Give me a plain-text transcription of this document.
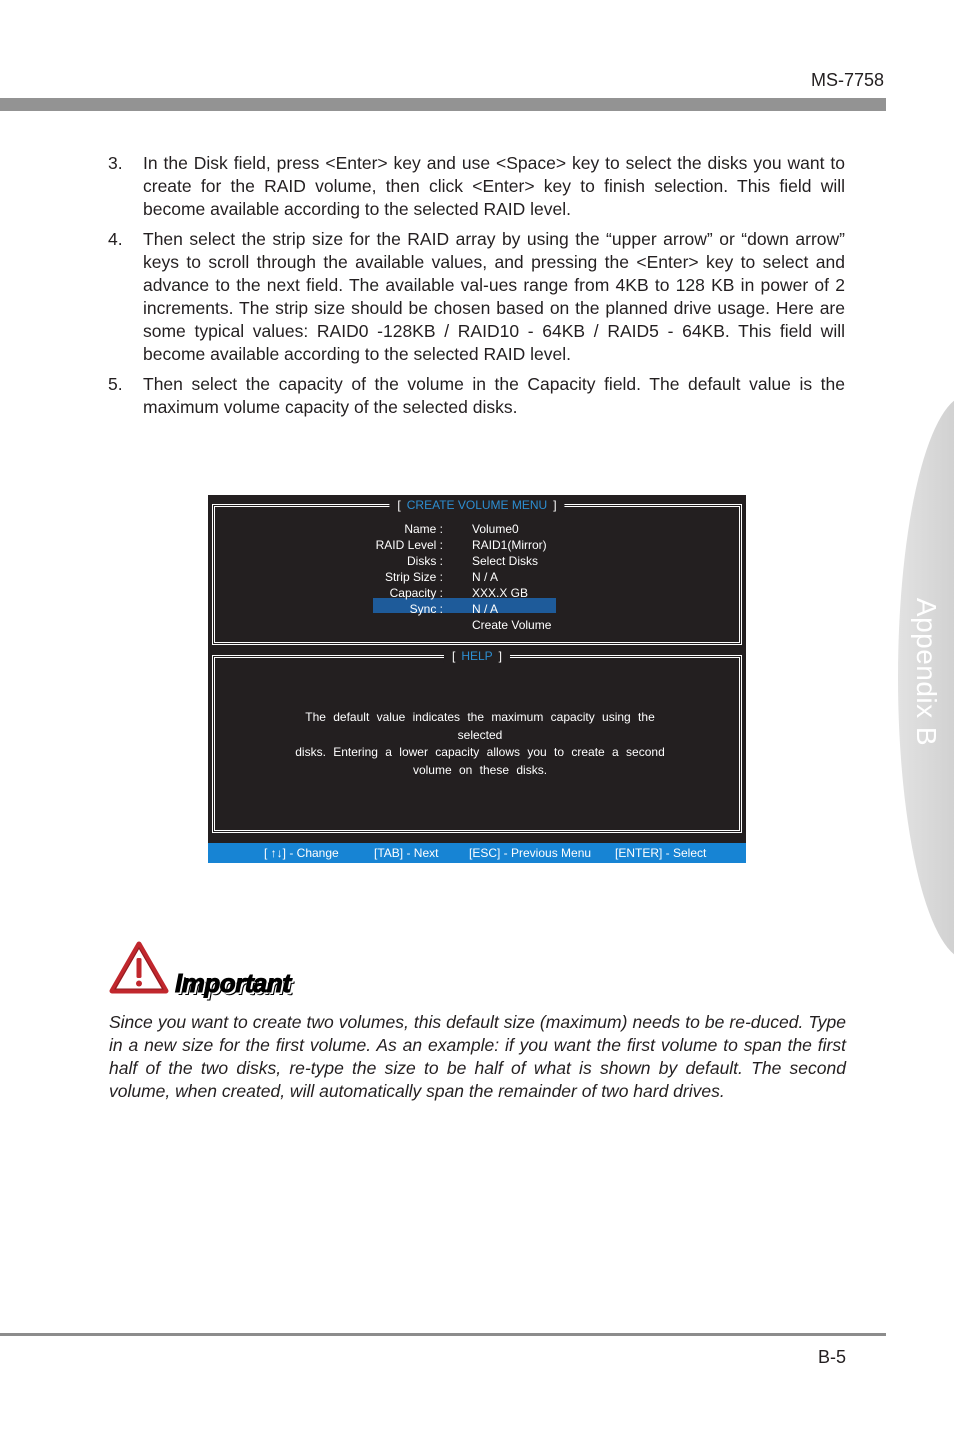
MS-7758
Appendix B
3. In the Disk field, press <Enter> key and use <Space> key to select the disks you want to create for the RAID volume, then click <Enter> key to finish selection. This field will become available according to the selected RAID level.
4. Then select the strip size for the RAID array by using the “upper arrow” or “down arrow” keys to scroll through the available values, and pressing the <Enter> key to select and advance to the next field. The available val-ues range from 4KB to 128 KB in power of 2 increments. The strip size should be chosen based on the planned drive usage. Here are some typical values: RAID0 -128KB / RAID10 - 64KB / RAID5 - 64KB. This field will become available according to the selected RAID level.
5. Then select the capacity of the volume in the Capacity field. The default value is the maximum volume capacity of the selected disks.
[ CREATE VOLUME MENU ]
Name : Volume0
RAID Level : RAID1(Mirror)
Disks : Select Disks
Strip Size : N / A
Capacity : XXX.X GB
Sync : N / A
Create Volume
[ HELP ]
The default value indicates the maximum capacity using the selected
disks. Entering a lower capacity allows you to create a second
volume on these disks.
[ ↑↓] - Change	[TAB] - Next	[ESC] - Previous Menu [ENTER] - Select
Important
Since you want to create two volumes, this default size (maximum) needs to be re-duced. Type in a new size for the first volume. As an example: if you want the first volume to span the first half of the two disks, re-type the size to be half of what is shown by default. The second volume, when created, will automatically span the remainder of two hard drives.
B-5
